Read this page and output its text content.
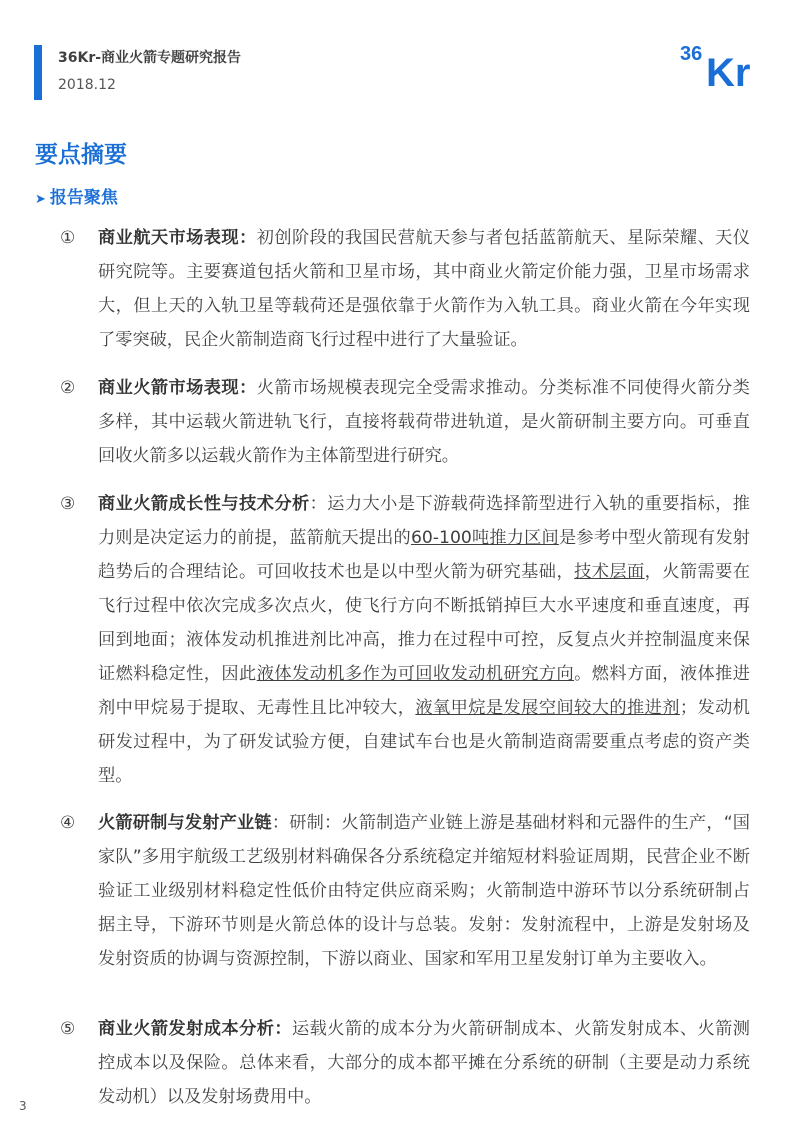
36Kr-商业火箭专题研究报告
2018.12
36 Kr
要点摘要
➤ 报告聚焦
①	商业航天市场表现：初创阶段的我国民营航天参与者包括蓝箭航天、星际荣耀、天仪研究院等。主要赛道包括火箭和卫星市场，其中商业火箭定价能力强，卫星市场需求大，但上天的入轨卫星等载荷还是强依靠于火箭作为入轨工具。商业火箭在今年实现了零突破，民企火箭制造商飞行过程中进行了大量验证。
②	商业火箭市场表现：火箭市场规模表现完全受需求推动。分类标准不同使得火箭分类多样，其中运载火箭进轨飞行，直接将载荷带进轨道，是火箭研制主要方向。可垂直回收火箭多以运载火箭作为主体箭型进行研究。
③	商业火箭成长性与技术分析：运力大小是下游载荷选择箭型进行入轨的重要指标，推力则是决定运力的前提，蓝箭航天提出的60-100吨推力区间是参考中型火箭现有发射趋势后的合理结论。可回收技术也是以中型火箭为研究基础，技术层面，火箭需要在飞行过程中依次完成多次点火，使飞行方向不断抵销掉巨大水平速度和垂直速度，再回到地面；液体发动机推进剂比冲高，推力在过程中可控，反复点火并控制温度来保证燃料稳定性，因此液体发动机多作为可回收发动机研究方向。燃料方面，液体推进剂中甲烷易于提取、无毒性且比冲较大，液氧甲烷是发展空间较大的推进剂；发动机研发过程中，为了研发试验方便，自建试车台也是火箭制造商需要重点考虑的资产类型。
④	火箭研制与发射产业链：研制：火箭制造产业链上游是基础材料和元器件的生产，“国家队”多用宇航级工艺级别材料确保各分系统稳定并缩短材料验证周期，民营企业不断验证工业级别材料稳定性低价由特定供应商采购；火箭制造中游环节以分系统研制占据主导，下游环节则是火箭总体的设计与总装。发射：发射流程中，上游是发射场及发射资质的协调与资源控制，下游以商业、国家和军用卫星发射订单为主要收入。
⑤	商业火箭发射成本分析：运载火箭的成本分为火箭研制成本、火箭发射成本、火箭测控成本以及保险。总体来看，大部分的成本都平摊在分系统的研制（主要是动力系统发动机）以及发射场费用中。
3
